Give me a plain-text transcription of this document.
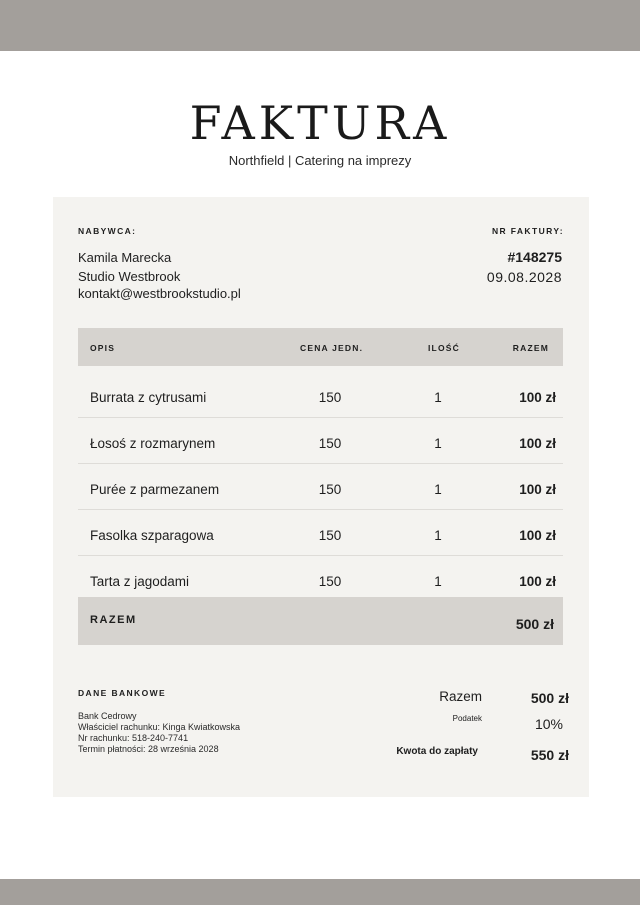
FAKTURA
Northfield | Catering na imprezy
NABYWCA:	NR FAKTURY:
Kamila Marecka
Studio Westbrook
kontakt@westbrookstudio.pl
#148275
09.08.2028
OPIS	CENA JEDN.	ILOŚĆ	RAZEM
Burrata z cytrusami	150	1	100 zł
Łosoś z rozmarynem	150	1	100 zł
Purée z parmezanem	150	1	100 zł
Fasolka szparagowa	150	1	100 zł
Tarta z jagodami	150	1	100 zł
RAZEM	500 zł
DANE BANKOWE
Bank Cedrowy
Właściciel rachunku: Kinga Kwiatkowska
Nr rachunku: 518-240-7741
Termin płatności: 28 września 2028
Razem	500 zł
Podatek	10%
Kwota do zapłaty	550 zł
